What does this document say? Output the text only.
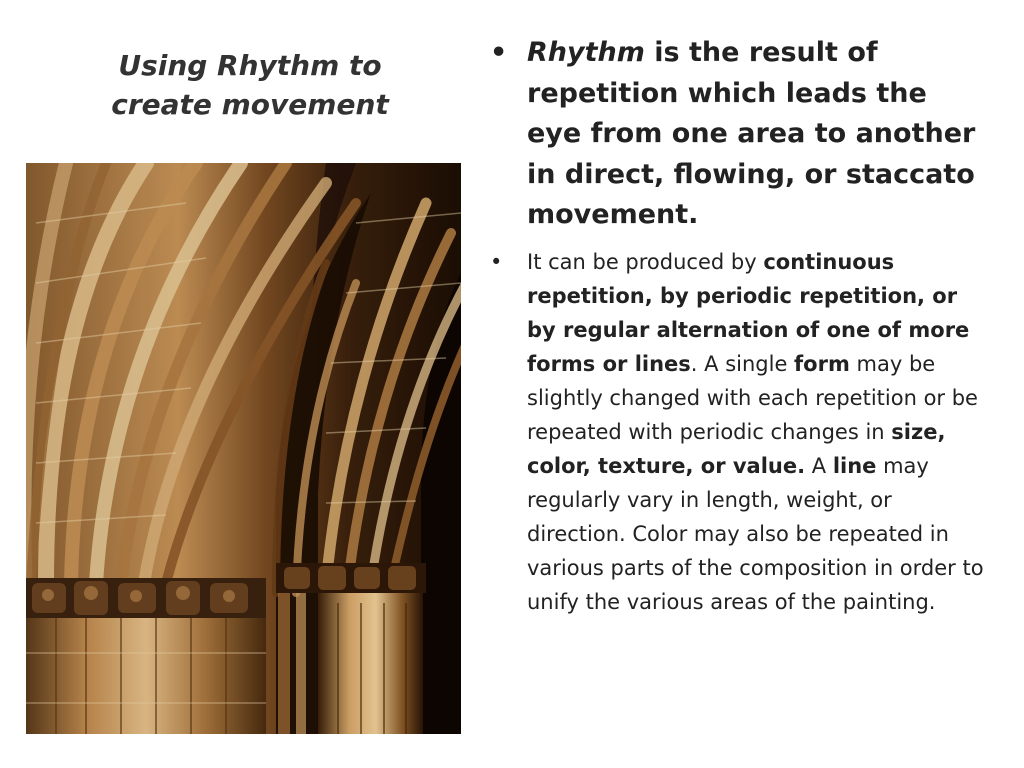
Using Rhythm to
create movement
• Rhythm is the result of repetition which leads the eye from one area to another in direct, flowing, or staccato movement.
• It can be produced by continuous repetition, by periodic repetition, or by regular alternation of one of more forms or lines. A single form may be slightly changed with each repetition or be repeated with periodic changes in size, color, texture, or value. A line may regularly vary in length, weight, or direction. Color may also be repeated in various parts of the composition in order to unify the various areas of the painting.
